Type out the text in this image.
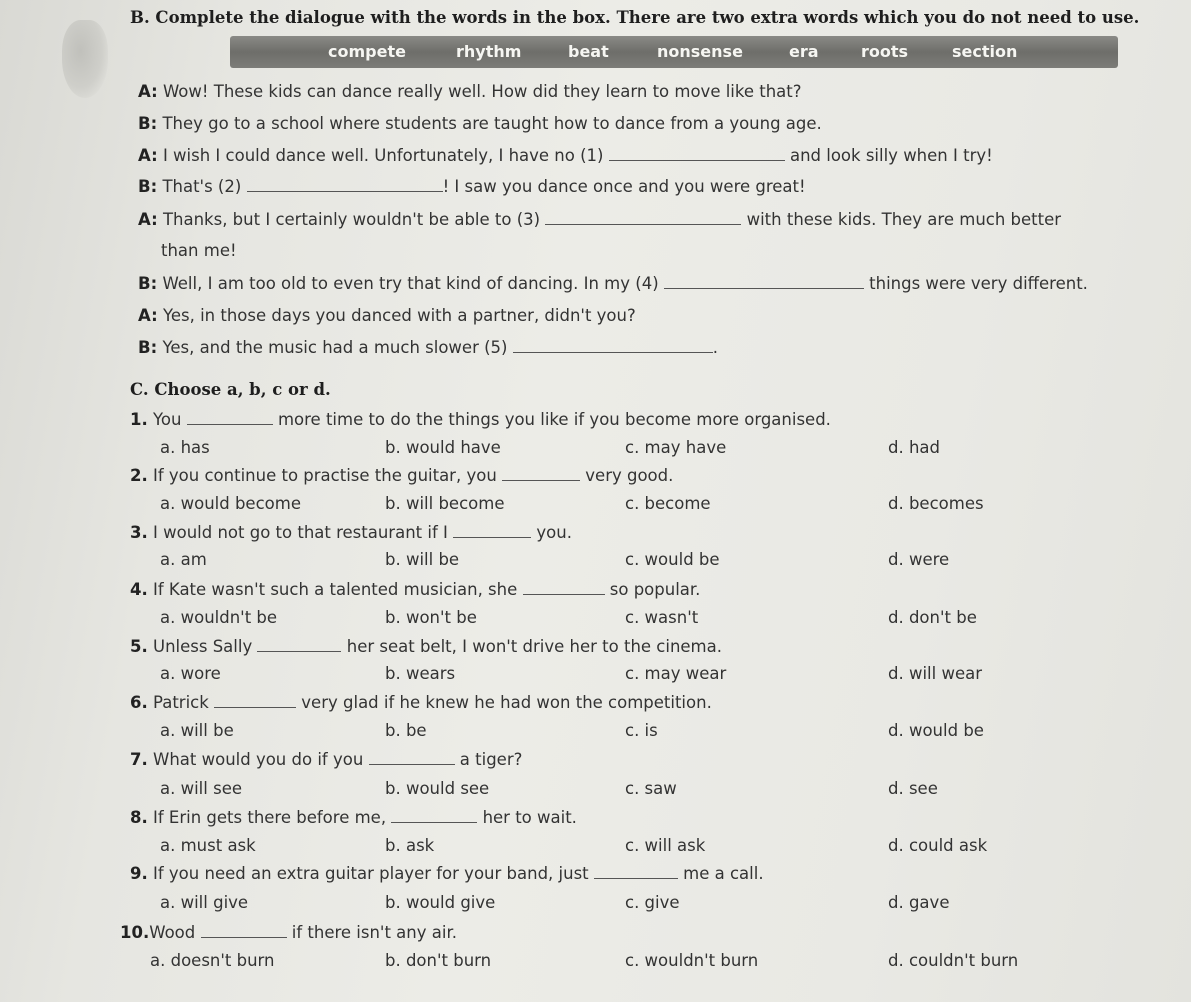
B. Complete the dialogue with the words in the box. There are two extra words which you do not need to use.
compete	rhythm	beat	nonsense	era	roots	section
A: Wow! These kids can dance really well. How did they learn to move like that?
B: They go to a school where students are taught how to dance from a young age.
A: I wish I could dance well. Unfortunately, I have no (1)	and look silly when I try!
B: That's (2)	! I saw you dance once and you were great!
A: Thanks, but I certainly wouldn't be able to (3)	with these kids. They are much better
than me!
B: Well, I am too old to even try that kind of dancing. In my (4)	things were very different.
A: Yes, in those days you danced with a partner, didn't you?
B: Yes, and the music had a much slower (5)	.
C. Choose a, b, c or d.
1. You	more time to do the things you like if you become more organised.
a. has	b. would have	c. may have	d. had
2. If you continue to practise the guitar, you	very good.
a. would become	b. will become	c. become	d. becomes
3. I would not go to that restaurant if I	you.
a. am	b. will be	c. would be	d. were
4. If Kate wasn't such a talented musician, she	so popular.
a. wouldn't be	b. won't be	c. wasn't	d. don't be
5. Unless Sally	her seat belt, I won't drive her to the cinema.
a. wore	b. wears	c. may wear	d. will wear
6. Patrick	very glad if he knew he had won the competition.
a. will be	b. be	c. is	d. would be
7. What would you do if you	a tiger?
a. will see	b. would see	c. saw	d. see
8. If Erin gets there before me,	her to wait.
a. must ask	b. ask	c. will ask	d. could ask
9. If you need an extra guitar player for your band, just	me a call.
a. will give	b. would give	c. give	d. gave
10.Wood	if there isn't any air.
a. doesn't burn	b. don't burn	c. wouldn't burn	d. couldn't burn
